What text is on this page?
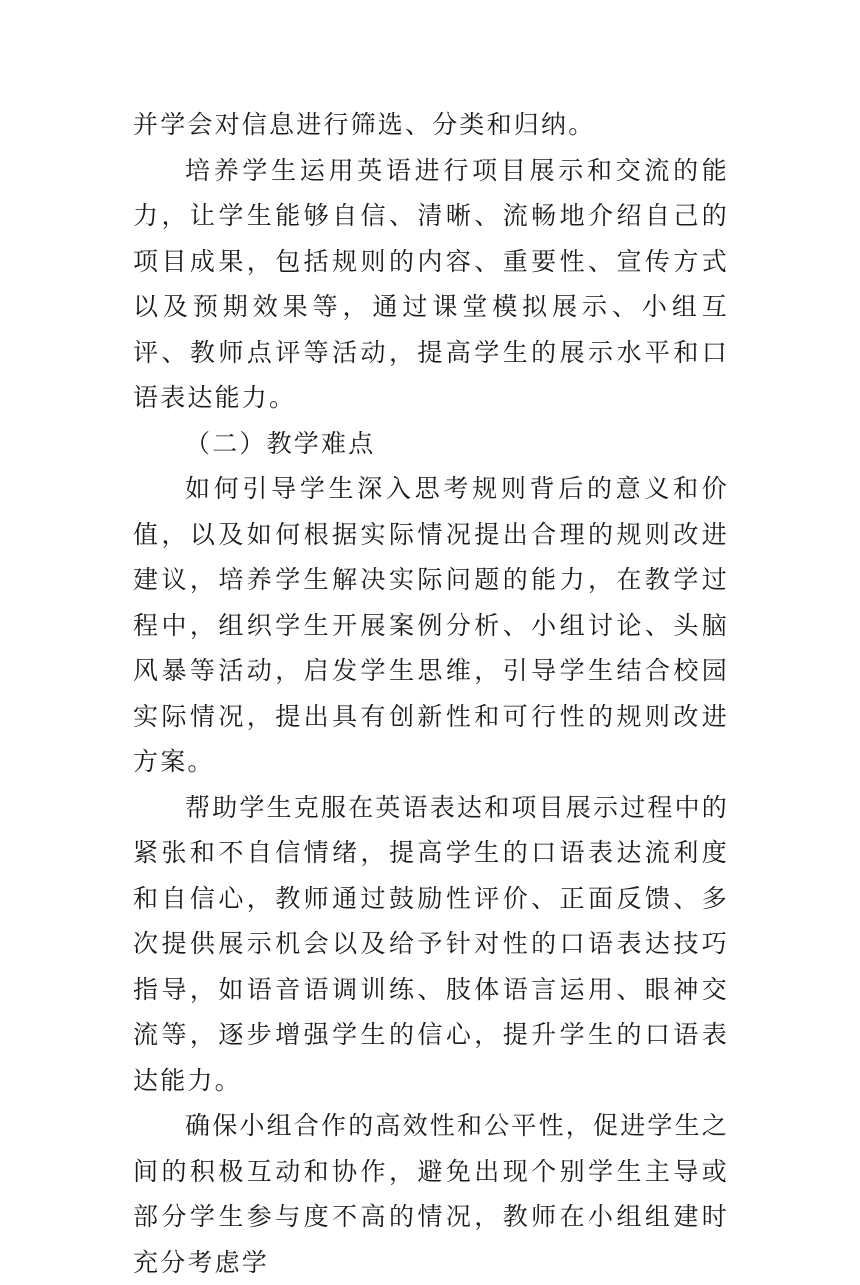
并学会对信息进行筛选、分类和归纳。

培养学生运用英语进行项目展示和交流的能力，让学生能够自信、清晰、流畅地介绍自己的项目成果，包括规则的内容、重要性、宣传方式以及预期效果等，通过课堂模拟展示、小组互评、教师点评等活动，提高学生的展示水平和口语表达能力。

（二）教学难点

如何引导学生深入思考规则背后的意义和价值，以及如何根据实际情况提出合理的规则改进建议，培养学生解决实际问题的能力，在教学过程中，组织学生开展案例分析、小组讨论、头脑风暴等活动，启发学生思维，引导学生结合校园实际情况，提出具有创新性和可行性的规则改进方案。

帮助学生克服在英语表达和项目展示过程中的紧张和不自信情绪，提高学生的口语表达流利度和自信心，教师通过鼓励性评价、正面反馈、多次提供展示机会以及给予针对性的口语表达技巧指导，如语音语调训练、肢体语言运用、眼神交流等，逐步增强学生的信心，提升学生的口语表达能力。

确保小组合作的高效性和公平性，促进学生之间的积极互动和协作，避免出现个别学生主导或部分学生参与度不高的情况，教师在小组组建时充分考虑学
